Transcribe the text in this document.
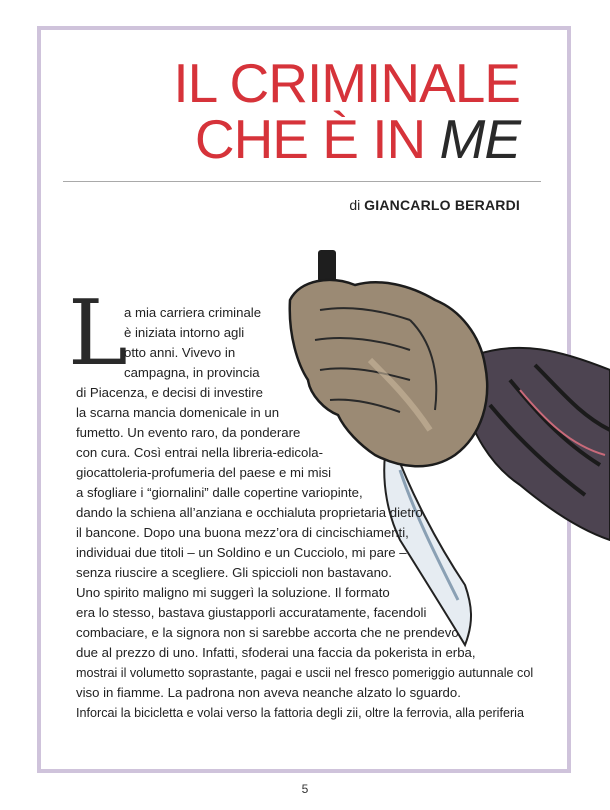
IL CRIMINALE
CHE È IN ME
di GIANCARLO BERARDI
L
a mia carriera criminale
è iniziata intorno agli
otto anni. Vivevo in
campagna, in provincia
di Piacenza, e decisi di investire
la scarna mancia domenicale in un
fumetto. Un evento raro, da ponderare
con cura. Così entrai nella libreria-edicola-
giocattoleria-profumeria del paese e mi misi
a sfogliare i “giornalini” dalle copertine variopinte,
dando la schiena all’anziana e occhialuta proprietaria dietro
il bancone. Dopo una buona mezz’ora di cincischiamenti,
individuai due titoli – un Soldino e un Cucciolo, mi pare –
senza riuscire a scegliere. Gli spiccioli non bastavano.
Uno spirito maligno mi suggerì la soluzione. Il formato
era lo stesso, bastava giustapporli accuratamente, facendoli
combaciare, e la signora non si sarebbe accorta che ne prendevo
due al prezzo di uno. Infatti, sfoderai una faccia da pokerista in erba,
mostrai il volumetto soprastante, pagai e uscii nel fresco pomeriggio autunnale col
viso in fiamme. La padrona non aveva neanche alzato lo sguardo.
Inforcai la bicicletta e volai verso la fattoria degli zii, oltre la ferrovia, alla periferia
5
